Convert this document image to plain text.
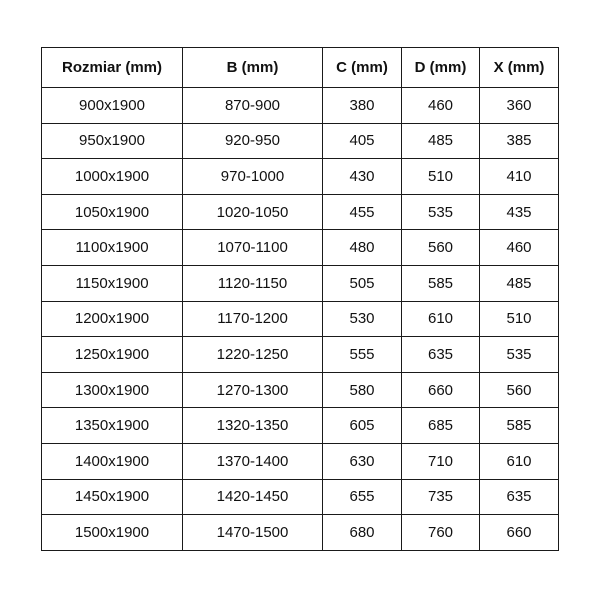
Rozmiar (mm)	B (mm)	C (mm)	D (mm)	X (mm)
900x1900	870-900	380	460	360
950x1900	920-950	405	485	385
1000x1900	970-1000	430	510	410
1050x1900	1020-1050	455	535	435
1100x1900	1070-1100	480	560	460
1150x1900	1120-1150	505	585	485
1200x1900	1170-1200	530	610	510
1250x1900	1220-1250	555	635	535
1300x1900	1270-1300	580	660	560
1350x1900	1320-1350	605	685	585
1400x1900	1370-1400	630	710	610
1450x1900	1420-1450	655	735	635
1500x1900	1470-1500	680	760	660
